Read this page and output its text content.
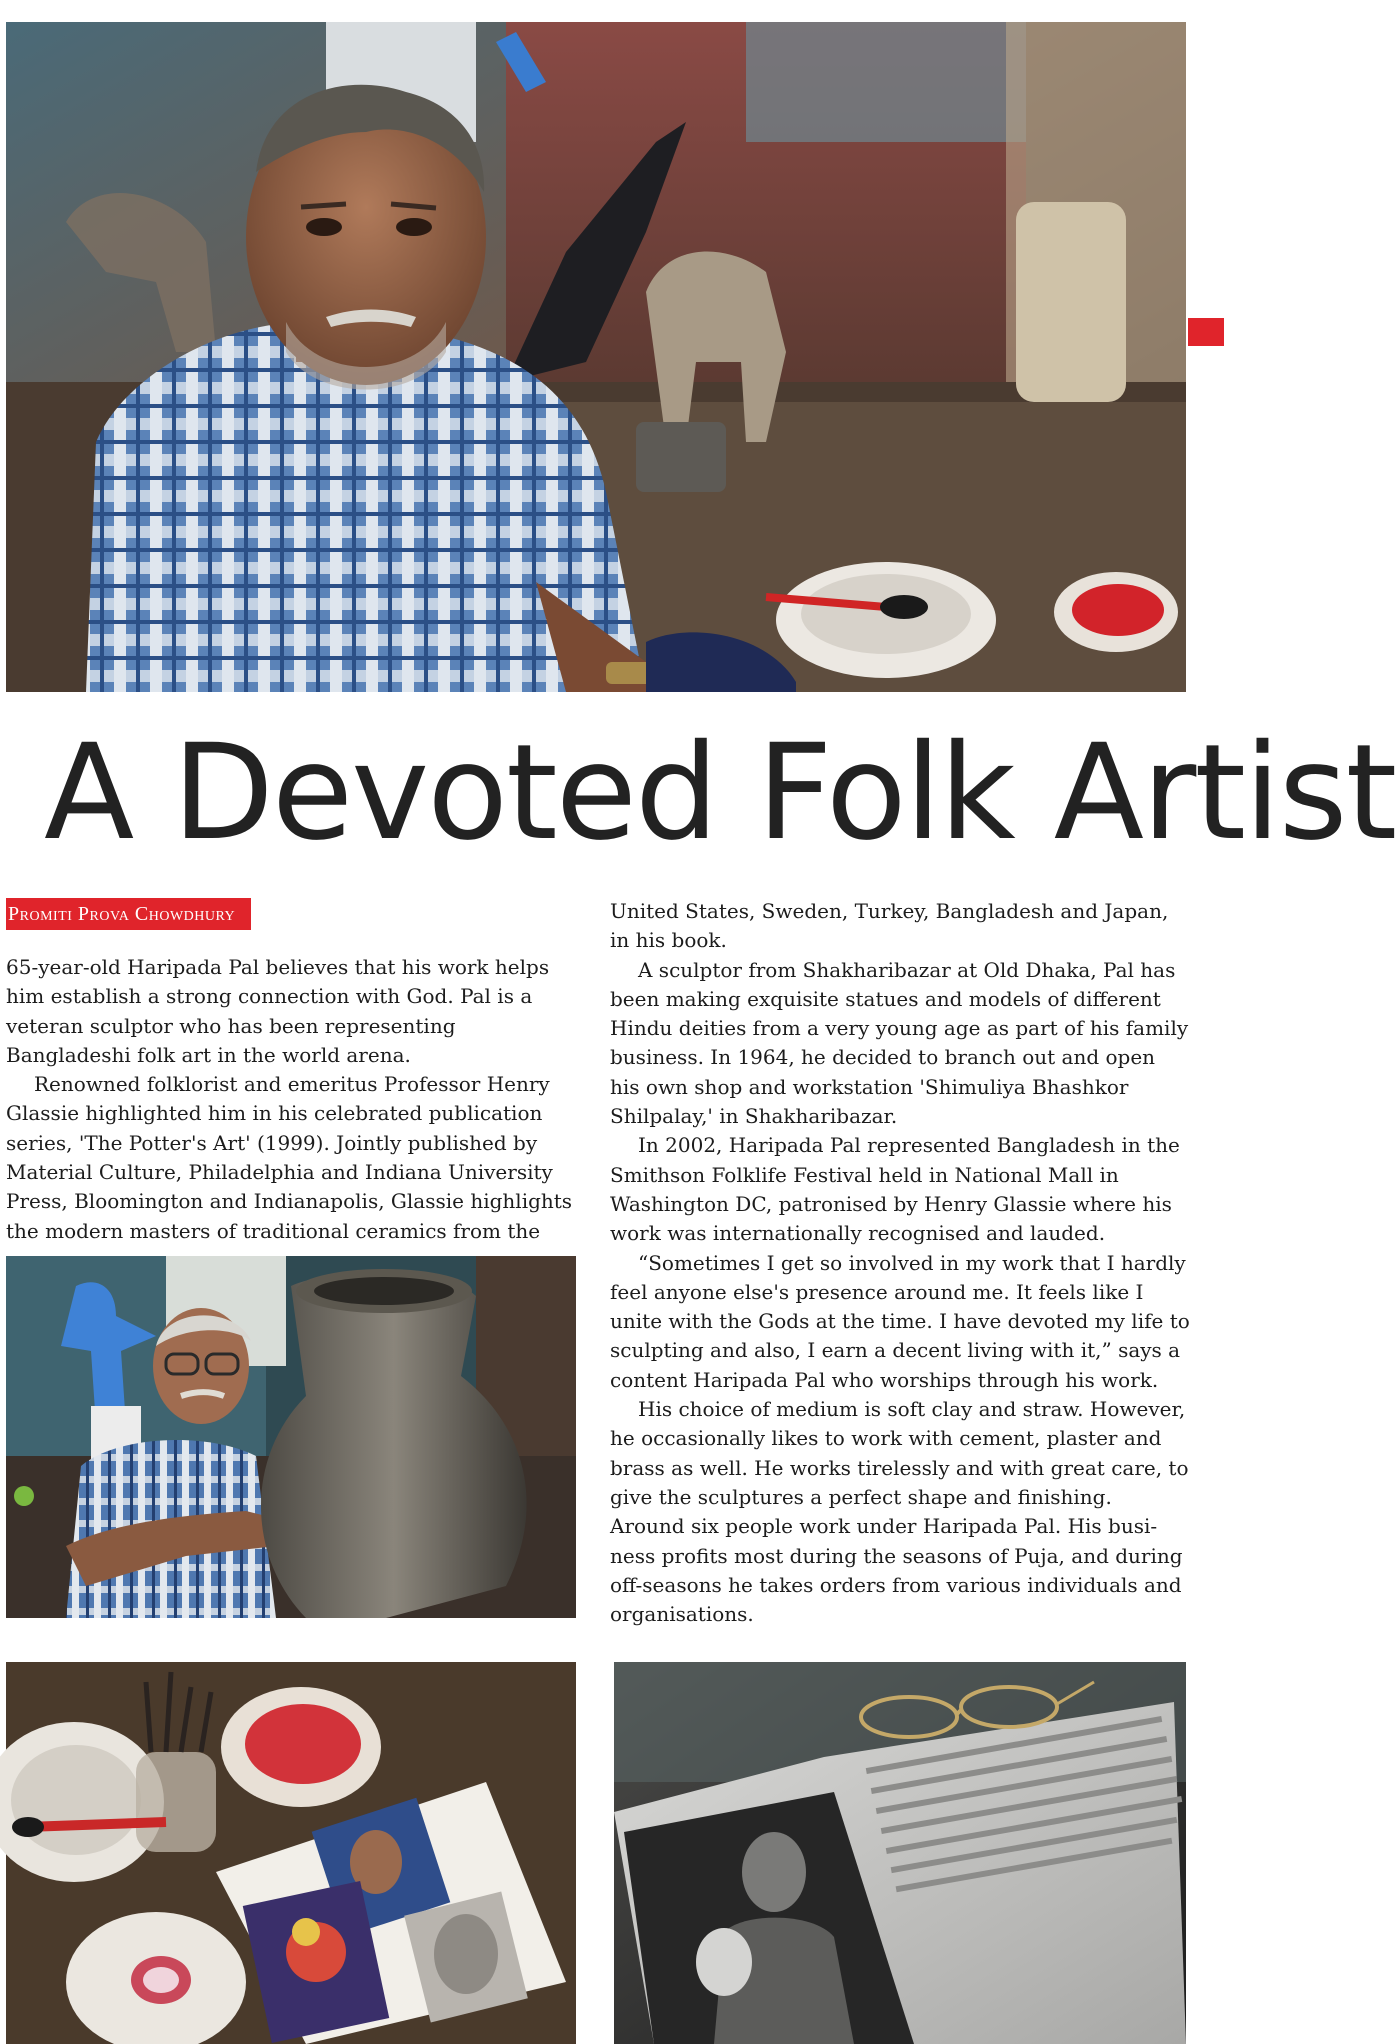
A Devoted Folk Artist
Promiti Prova Chowdhury

65-year-old Haripada Pal believes that his work helps him establish a strong connection with God. Pal is a veteran sculptor who has been representing Bangladeshi folk art in the world arena.

Renowned folklorist and emeritus Professor Henry Glassie highlighted him in his celebrated publication series, 'The Potter's Art' (1999). Jointly published by Material Culture, Philadelphia and Indiana University Press, Bloomington and Indianapolis, Glassie highlights the modern masters of traditional ceramics from the

United States, Sweden, Turkey, Bangladesh and Japan, in his book.

A sculptor from Shakharibazar at Old Dhaka, Pal has been making exquisite statues and models of different Hindu deities from a very young age as part of his family business. In 1964, he decided to branch out and open his own shop and workstation 'Shimuliya Bhashkor Shilpalay,' in Shakharibazar.

In 2002, Haripada Pal represented Bangladesh in the Smithson Folklife Festival held in National Mall in Washington DC, patronised by Henry Glassie where his work was internationally recognised and lauded.

“Sometimes I get so involved in my work that I hardly feel anyone else's presence around me. It feels like I unite with the Gods at the time. I have devoted my life to sculpting and also, I earn a decent living with it,” says a content Haripada Pal who worships through his work.

His choice of medium is soft clay and straw. However, he occasionally likes to work with cement, plaster and brass as well. He works tirelessly and with great care, to give the sculptures a perfect shape and finishing. Around six people work under Haripada Pal. His busi-ness profits most during the seasons of Puja, and during off-seasons he takes orders from various individuals and organisations.
